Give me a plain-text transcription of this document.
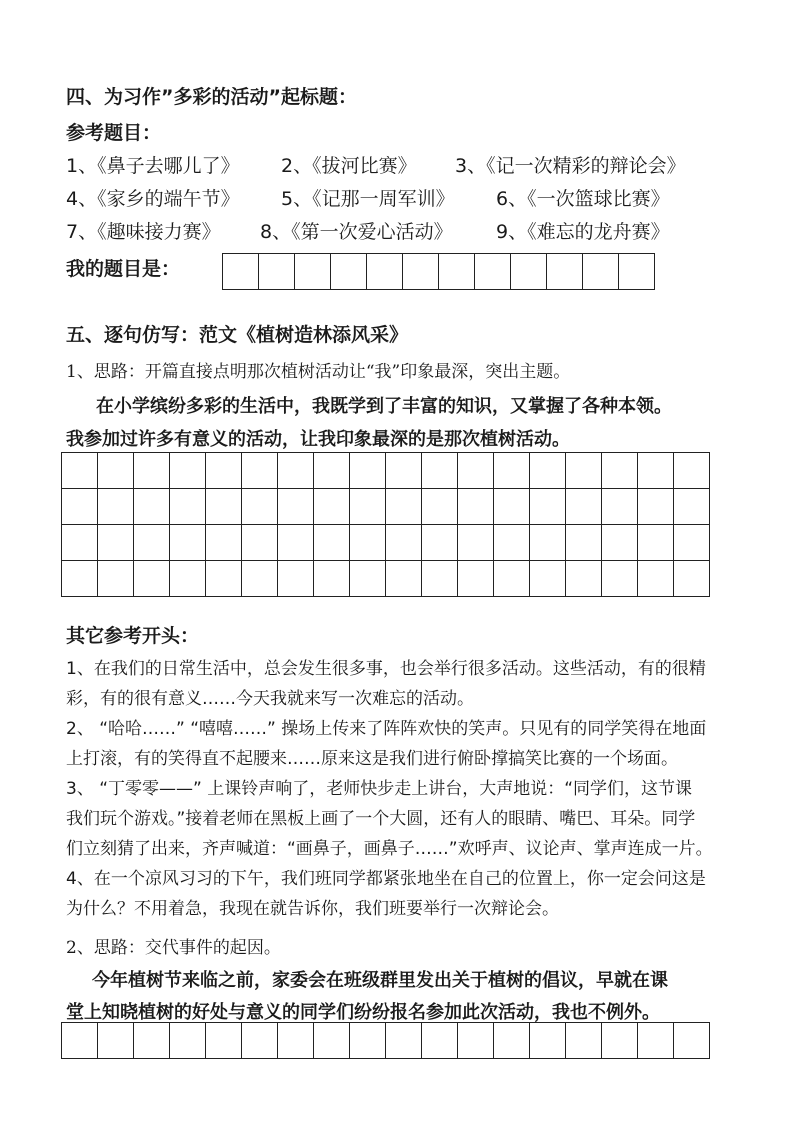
四、为习作”多彩的活动”起标题：
参考题目：
1、《鼻子去哪儿了》 2、《拔河比赛》 3、《记一次精彩的辩论会》
4、《家乡的端午节》 5、《记那一周军训》 6、《一次篮球比赛》
7、《趣味接力赛》 8、《第一次爱心活动》 9、《难忘的龙舟赛》
我的题目是：

五、逐句仿写：范文《植树造林添风采》
1、思路：开篇直接点明那次植树活动让“我”印象最深，突出主题。
在小学缤纷多彩的生活中，我既学到了丰富的知识，又掌握了各种本领。
我参加过许多有意义的活动，让我印象最深的是那次植树活动。

其它参考开头：
1、在我们的日常生活中，总会发生很多事，也会举行很多活动。这些活动，有的很精
彩，有的很有意义……今天我就来写一次难忘的活动。
2、 “哈哈……” “嘻嘻……” 操场上传来了阵阵欢快的笑声。只见有的同学笑得在地面
上打滚，有的笑得直不起腰来……原来这是我们进行俯卧撑搞笑比赛的一个场面。
3、 “丁零零——” 上课铃声响了，老师快步走上讲台，大声地说：“同学们，这节课
我们玩个游戏。”接着老师在黑板上画了一个大圆，还有人的眼睛、嘴巴、耳朵。同学
们立刻猜了出来，齐声喊道：“画鼻子，画鼻子……”欢呼声、议论声、掌声连成一片。
4、在一个凉风习习的下午，我们班同学都紧张地坐在自己的位置上，你一定会问这是
为什么？不用着急，我现在就告诉你，我们班要举行一次辩论会。
2、思路：交代事件的起因。
今年植树节来临之前，家委会在班级群里发出关于植树的倡议，早就在课
堂上知晓植树的好处与意义的同学们纷纷报名参加此次活动，我也不例外。
